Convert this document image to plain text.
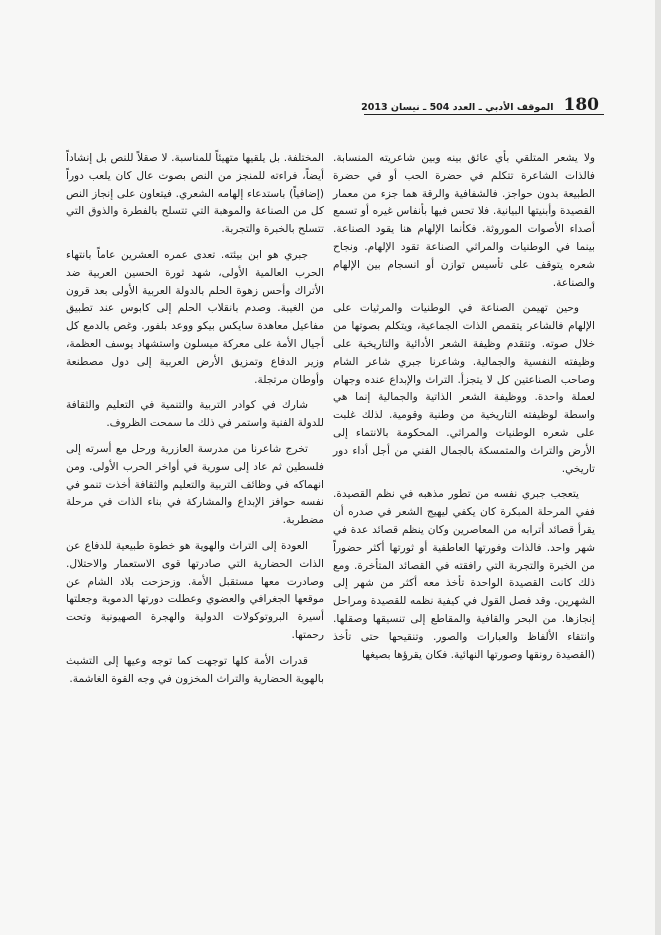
180
الموقف الأدبي ـ العدد 504 ـ نيسان 2013

ولا يشعر المتلقي بأي عائق بينه وبين شاعريته المنسابة. فالذات الشاعرة تتكلم في حضرة الحب أو في حضرة الطبيعة بدون حواجز. فالشفافية والرقة هما جزء من معمار القصيدة وأبنيتها البيانية. فلا تحس فيها بأنفاس غيره أو تسمع أصداء الأصوات الموروثة. فكأنما الإلهام هنا يقود الصناعة. بينما في الوطنيات والمراثي الصناعة تقود الإلهام. ونجاح شعره يتوقف على تأسيس توازن أو انسجام بين الإلهام والصناعة.

وحين تهيمن الصناعة في الوطنيات والمرثيات على الإلهام فالشاعر يتقمص الذات الجماعية، ويتكلم بصوتها من خلال صوته. وتتقدم وظيفة الشعر الأدائية والتاريخية على وظيفته النفسية والجمالية. وشاعرنا جبري شاعر الشام وصاحب الصناعتين كل لا يتجزأ. التراث والإبداع عنده وجهان لعملة واحدة. ووظيفة الشعر الذاتية والجمالية إنما هي واسطة لوظيفته التاريخية من وطنية وقومية. لذلك غلبت على شعره الوطنيات والمراثي. المحكومة بالانتماء إلى الأرض والتراث والمتمسكة بالجمال الفني من أجل أداء دور تاريخي.

يتعجب جبري نفسه من تطور مذهبه في نظم القصيدة. ففي المرحلة المبكرة كان يكفي ليهيج الشعر في صدره أن يقرأ قصائد أترابه من المعاصرين وكان ينظم قصائد عدة في شهر واحد. فالذات وفورتها العاطفية أو ثورتها أكثر حضوراً من الخبرة والتجربة التي رافقته في القصائد المتأخرة. ومع ذلك كانت القصيدة الواحدة تأخذ معه أكثر من شهر إلى الشهرين. وقد فصل القول في كيفية نظمه للقصيدة ومراحل إنجازها. من البحر والقافية والمقاطع إلى تنسيقها وصقلها. وانتقاء الألفاظ والعبارات والصور. وتنقيحها حتى تأخذ (القصيدة رونقها وصورتها النهائية. فكان يقرؤها بصيغها

المختلفة. بل يلقيها متهيئاً للمناسبة. لا صقلاً للنص بل إنشاداً أيضاً، فراءته للمنجز من النص بصوت عال كان يلعب دوراً (إضافياً) باستدعاء إلهامه الشعري. فيتعاون على إنجاز النص كل من الصناعة والموهبة التي تتسلح بالفطرة والذوق التي تتسلح بالخبرة والتجربة.

جبري هو ابن بيئته. تعدى عمره العشرين عاماً بانتهاء الحرب العالمية الأولى، شهد ثورة الحسين العربية ضد الأتراك وأحس زهوة الحلم بالدولة العربية الأولى بعد قرون من الغيبة. وصدم بانقلاب الحلم إلى كابوس عند تطبيق مفاعيل معاهدة سايكس بيكو ووعد بلفور. وغص بالدمع كل أجيال الأمة على معركة ميسلون واستشهاد يوسف العظمة، وزير الدفاع وتمزيق الأرض العربية إلى دول مصطنعة وأوطان مرتجلة.

شارك في كوادر التربية والتنمية في التعليم والثقافة للدولة الفنية واستمر في ذلك ما سمحت الظروف.

تخرج شاعرنا من مدرسة العازرية ورحل مع أسرته إلى فلسطين ثم عاد إلى سورية في أواخر الحرب الأولى. ومن انهماكه في وظائف التربية والتعليم والثقافة أخذت تنمو في نفسه حوافز الإبداع والمشاركة في بناء الذات في مرحلة مضطربة.

العودة إلى التراث والهوية هو خطوة طبيعية للدفاع عن الذات الحضارية التي صادرتها قوى الاستعمار والاحتلال. وصادرت معها مستقبل الأمة. وزحزحت بلاد الشام عن موقعها الجغرافي والعضوي وعطلت دورتها الدموية وجعلتها أسيرة البروتوكولات الدولية والهجرة الصهيونية وتحت رحمتها.

قدرات الأمة كلها توجهت كما توجه وعيها إلى التشبث بالهوية الحضارية والتراث المخزون في وجه القوة الغاشمة.
